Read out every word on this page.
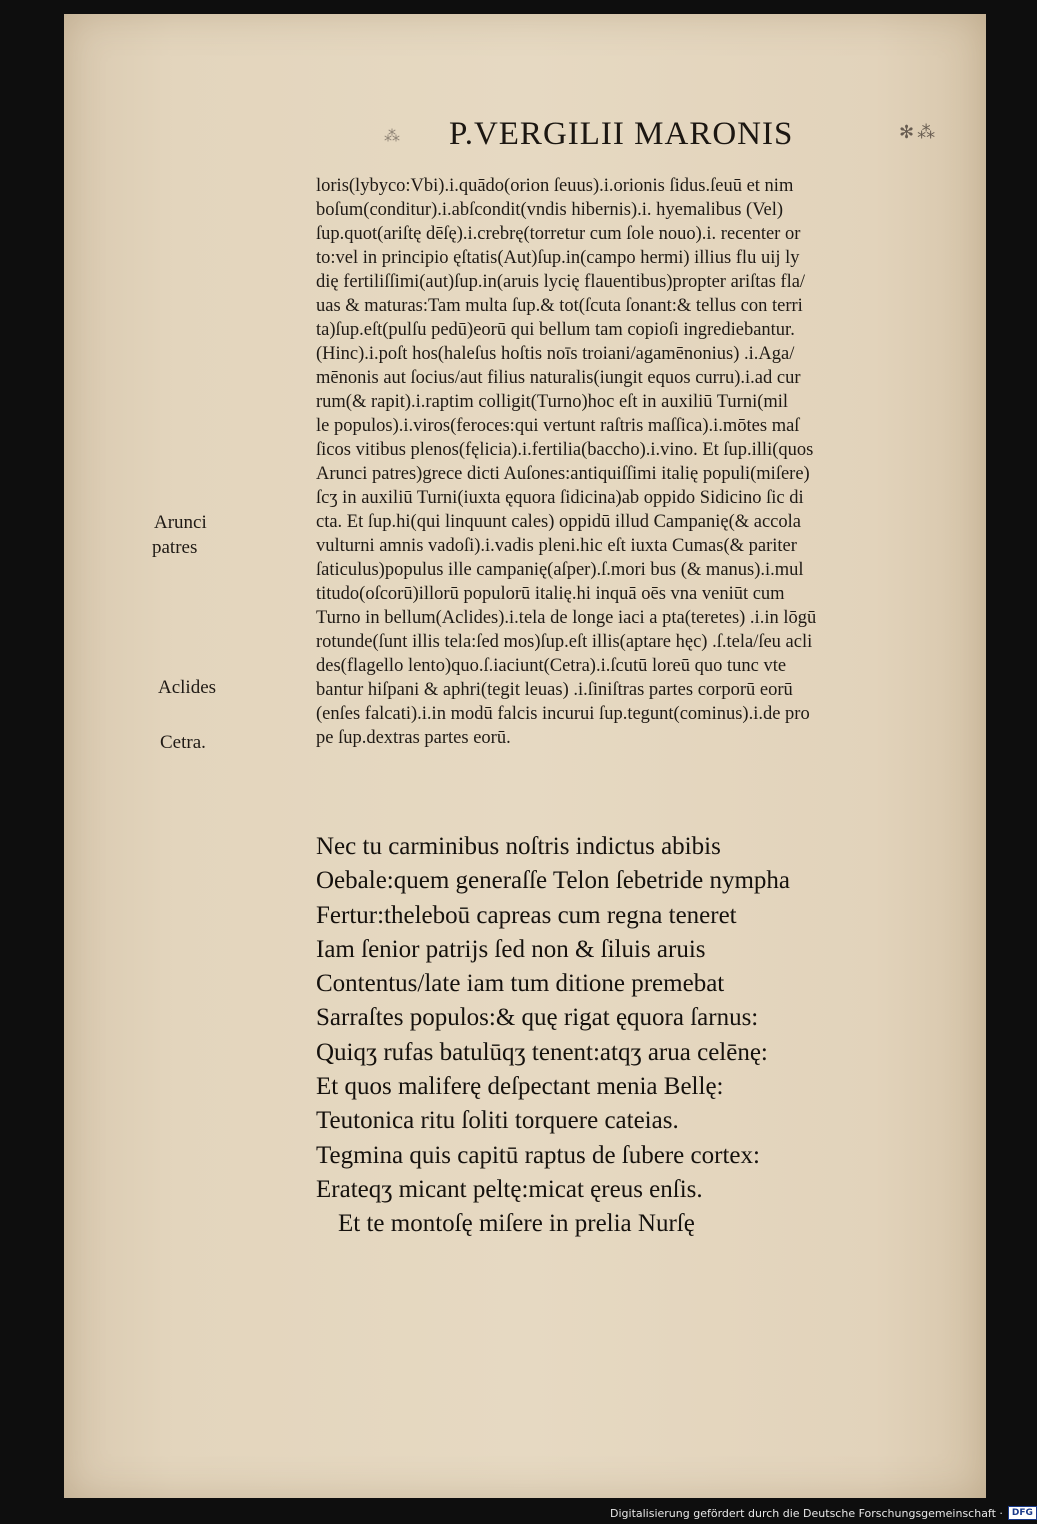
⁂ P.VERGILII MARONIS	✻⁂
Arunci
patres
Aclides
Cetra.
loris(lybyco:Vbi).i.quādo(orion ſeuus).i.orionis ſidus.ſeuū et nim
boſum(conditur).i.abſcondit(vndis hibernis).i. hyemalibus (Vel)
ſup.quot(ariſtę dēſę).i.crebrę(torretur cum ſole nouo).i. recenter or
to:vel in principio ęſtatis(Aut)ſup.in(campo hermi) illius flu uij ly
dię fertiliſſimi(aut)ſup.in(aruis lycię flauentibus)propter ariſtas fla/
uas & maturas:Tam multa ſup.& tot(ſcuta ſonant:& tellus con terri
ta)ſup.eſt(pulſu pedū)eorū qui bellum tam copioſi ingrediebantur.
(Hinc).i.poſt hos(haleſus hoſtis noīs troiani/agamēnonius) .i.Aga/
mēnonis aut ſocius/aut filius naturalis(iungit equos curru).i.ad cur
rum(& rapit).i.raptim colligit(Turno)hoc eſt in auxiliū Turni(mil
le populos).i.viros(feroces:qui vertunt raſtris maſſica).i.mōtes maſ
ſicos vitibus plenos(fęlicia).i.fertilia(baccho).i.vino. Et ſup.illi(quos
Arunci patres)grece dicti Auſones:antiquiſſimi italię populi(miſere)
ſcʒ in auxiliū Turni(iuxta ęquora ſidicina)ab oppido Sidicino ſic di
cta. Et ſup.hi(qui linquunt cales) oppidū illud Campanię(& accola
vulturni amnis vadoſi).i.vadis pleni.hic eſt iuxta Cumas(& pariter
ſaticulus)populus ille campanię(aſper).ſ.mori bus (& manus).i.mul
titudo(oſcorū)illorū populorū italię.hi inquā oēs vna veniūt cum
Turno in bellum(Aclides).i.tela de longe iaci a pta(teretes) .i.in lōgū
rotunde(ſunt illis tela:ſed mos)ſup.eſt illis(aptare hęc) .ſ.tela/ſeu acli
des(flagello lento)quo.ſ.iaciunt(Cetra).i.ſcutū loreū quo tunc vte
bantur hiſpani & aphri(tegit leuas) .i.ſiniſtras partes corporū eorū
(enſes falcati).i.in modū falcis incurui ſup.tegunt(cominus).i.de pro
pe ſup.dextras partes eorū.
Nec tu carminibus noſtris indictus abibis
Oebale:quem generaſſe Telon ſebetride nympha
Fertur:theleboū capreas cum regna teneret
Iam ſenior patrijs ſed non & ſiluis aruis
Contentus/late iam tum ditione premebat
Sarraſtes populos:& quę rigat ęquora ſarnus:
Quiqʒ rufas batulūqʒ tenent:atqʒ arua celēnę:
Et quos maliferę deſpectant menia Bellę:
Teutonica ritu ſoliti torquere cateias.
Tegmina quis capitū raptus de ſubere cortex:
Erateqʒ micant peltę:micat ęreus enſis.
Et te montoſę miſere in prelia Nurſę
Digitalisierung gefördert durch die Deutsche Forschungsgemeinschaft ·	DFG
